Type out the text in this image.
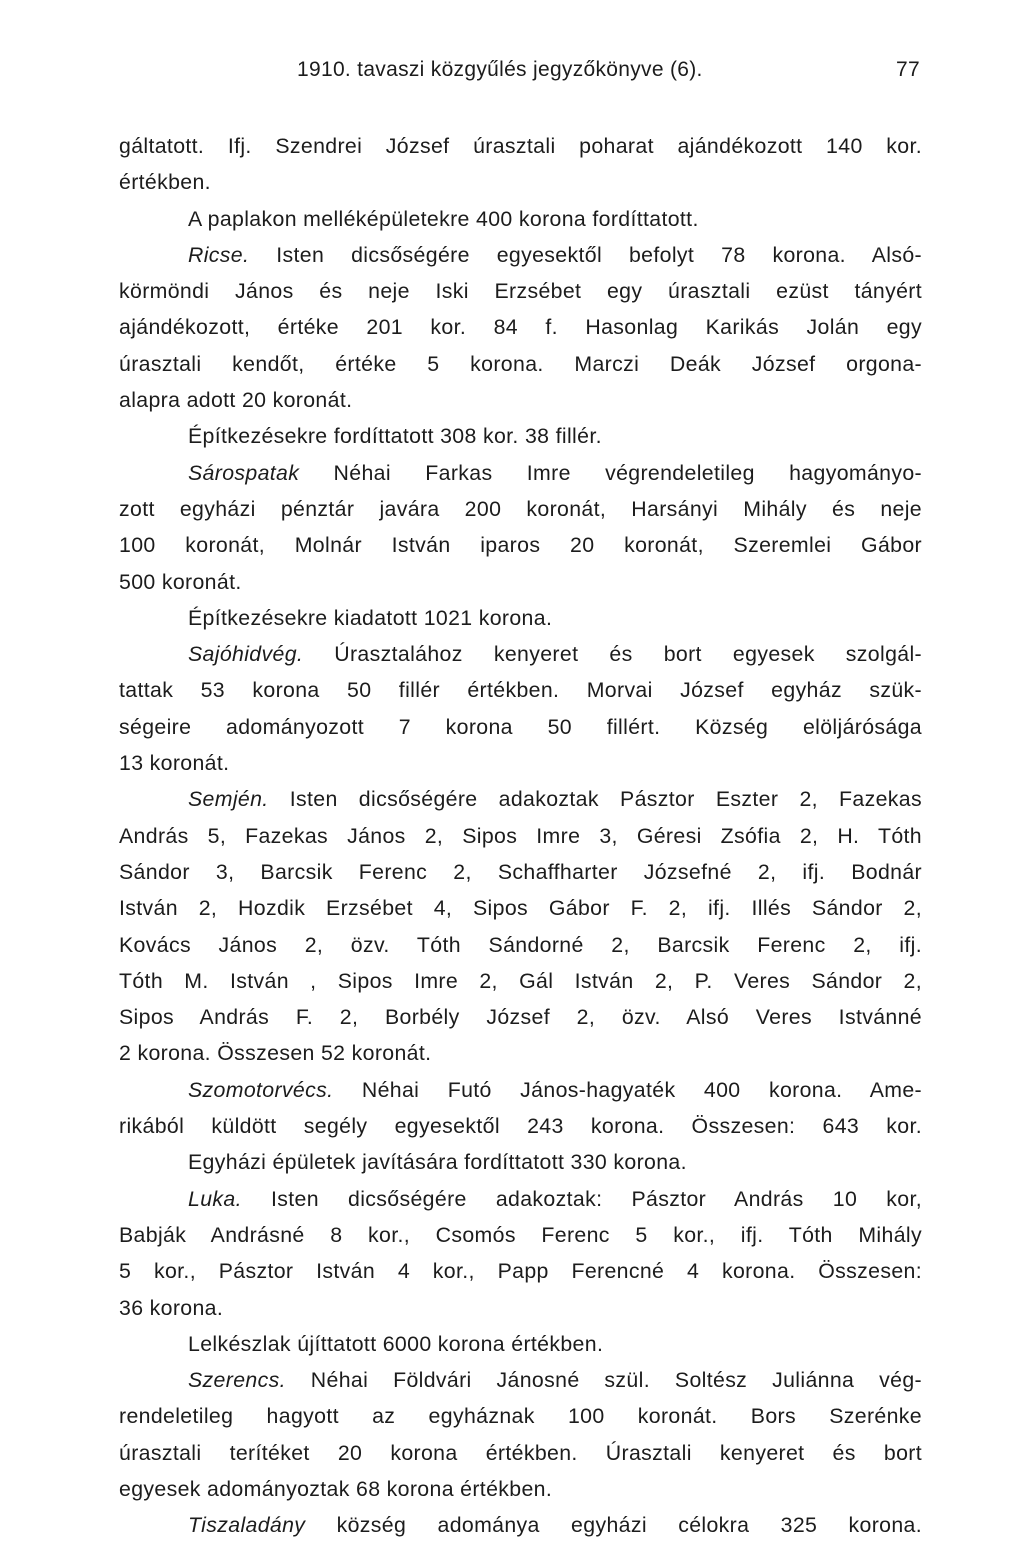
1910. tavaszi közgyűlés jegyzőkönyve (6).	77
gáltatott. Ifj. Szendrei József úrasztali poharat ajándékozott 140 kor.
értékben.
A paplakon melléképületekre 400 korona fordíttatott.
Ricse. Isten dicsőségére egyesektől befolyt 78 korona. Alsó-
körmöndi János és neje Iski Erzsébet egy úrasztali ezüst tányért
ajándékozott, értéke 201 kor. 84 f. Hasonlag Karikás Jolán egy
úrasztali kendőt, értéke 5 korona. Marczi Deák József orgona-
alapra adott 20 koronát.
Építkezésekre fordíttatott 308 kor. 38 fillér.
Sárospatak Néhai Farkas Imre végrendeletileg hagyományo-
zott egyházi pénztár javára 200 koronát, Harsányi Mihály és neje
100 koronát, Molnár István iparos 20 koronát, Szeremlei Gábor
500 koronát.
Építkezésekre kiadatott 1021 korona.
Sajóhidvég. Úrasztalához kenyeret és bort egyesek szolgál-
tattak 53 korona 50 fillér értékben. Morvai József egyház szük-
ségeire adományozott 7 korona 50 fillért. Község elöljárósága
13 koronát.
Semjén. Isten dicsőségére adakoztak Pásztor Eszter 2, Fazekas
András 5, Fazekas János 2, Sipos Imre 3, Géresi Zsófia 2, H. Tóth
Sándor 3, Barcsik Ferenc 2, Schaffharter Józsefné 2, ifj. Bodnár
István 2, Hozdik Erzsébet 4, Sipos Gábor F. 2, ifj. Illés Sándor 2,
Kovács János 2, özv. Tóth Sándorné 2, Barcsik Ferenc 2, ifj.
Tóth M. István , Sipos Imre 2, Gál István 2, P. Veres Sándor 2,
Sipos András F. 2, Borbély József 2, özv. Alsó Veres Istvánné
2 korona. Összesen 52 koronát.
Szomotorvécs. Néhai Futó János-hagyaték 400 korona. Ame-
rikából küldött segély egyesektől 243 korona. Összesen: 643 kor.
Egyházi épületek javítására fordíttatott 330 korona.
Luka. Isten dicsőségére adakoztak: Pásztor András 10 kor,
Babják Andrásné 8 kor., Csomós Ferenc 5 kor., ifj. Tóth Mihály
5 kor., Pásztor István 4 kor., Papp Ferencné 4 korona. Összesen:
36 korona.
Lelkészlak újíttatott 6000 korona értékben.
Szerencs. Néhai Földvári Jánosné szül. Soltész Juliánna vég-
rendeletileg hagyott az egyháznak 100 koronát. Bors Szerénke
úrasztali terítéket 20 korona értékben. Úrasztali kenyeret és bort
egyesek adományoztak 68 korona értékben.
Tiszaladány község adománya egyházi célokra 325 korona.
